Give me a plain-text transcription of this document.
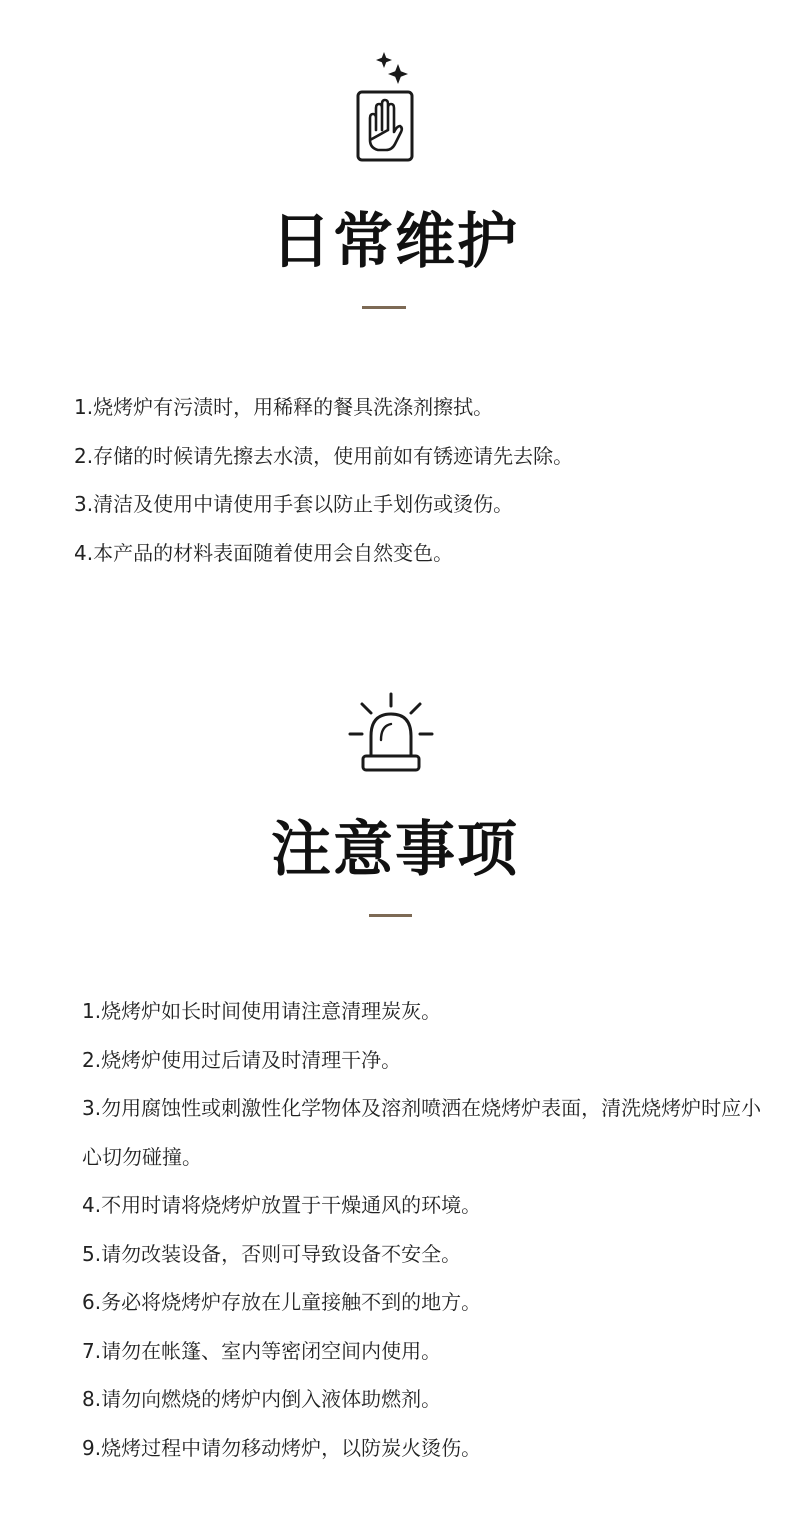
日常维护
1.烧烤炉有污渍时，用稀释的餐具洗涤剂擦拭。
2.存储的时候请先擦去水渍，使用前如有锈迹请先去除。
3.清洁及使用中请使用手套以防止手划伤或烫伤。
4.本产品的材料表面随着使用会自然变色。
注意事项
1.烧烤炉如长时间使用请注意清理炭灰。
2.烧烤炉使用过后请及时清理干净。
3.勿用腐蚀性或刺激性化学物体及溶剂喷洒在烧烤炉表面，清洗烧烤炉时应小心切勿碰撞。
4.不用时请将烧烤炉放置于干燥通风的环境。
5.请勿改装设备，否则可导致设备不安全。
6.务必将烧烤炉存放在儿童接触不到的地方。
7.请勿在帐篷、室内等密闭空间内使用。
8.请勿向燃烧的烤炉内倒入液体助燃剂。
9.烧烤过程中请勿移动烤炉，以防炭火烫伤。
